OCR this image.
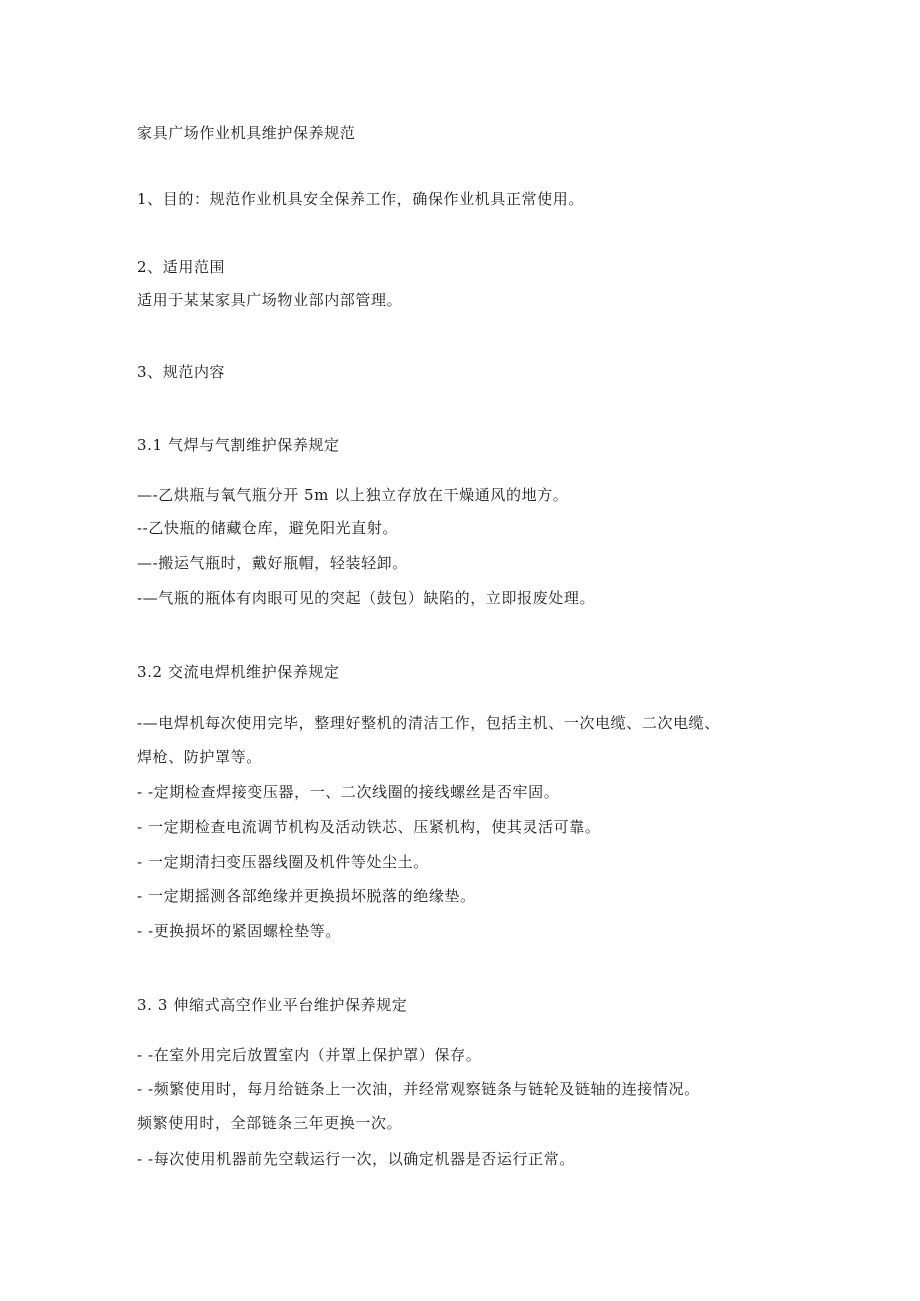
家具广场作业机具维护保养规范
1、目的：规范作业机具安全保养工作，确保作业机具正常使用。
2、适用范围
适用于某某家具广场物业部内部管理。
3、规范内容
3.1 气焊与气割维护保养规定
—-乙烘瓶与氧气瓶分开 5m 以上独立存放在干燥通风的地方。
--乙快瓶的储藏仓库，避免阳光直射。
—-搬运气瓶时，戴好瓶帽，轻装轻卸。
-—气瓶的瓶体有肉眼可见的突起（鼓包）缺陷的，立即报废处理。
3.2 交流电焊机维护保养规定
-—电焊机每次使用完毕，整理好整机的清洁工作，包括主机、一次电缆、二次电缆、
焊枪、防护罩等。
- -定期检查焊接变压器，一、二次线圈的接线螺丝是否牢固。
- 一定期检查电流调节机构及活动铁芯、压紧机构，使其灵活可靠。
- 一定期清扫变压器线圈及机件等处尘土。
- 一定期摇测各部绝缘并更换损坏脱落的绝缘垫。
- -更换损坏的紧固螺栓垫等。
3. 3 伸缩式高空作业平台维护保养规定
- -在室外用完后放置室内（并罩上保护罩）保存。
- -频繁使用时，每月给链条上一次油，并经常观察链条与链轮及链轴的连接情况。
频繁使用时，全部链条三年更换一次。
- -每次使用机器前先空载运行一次，以确定机器是否运行正常。
